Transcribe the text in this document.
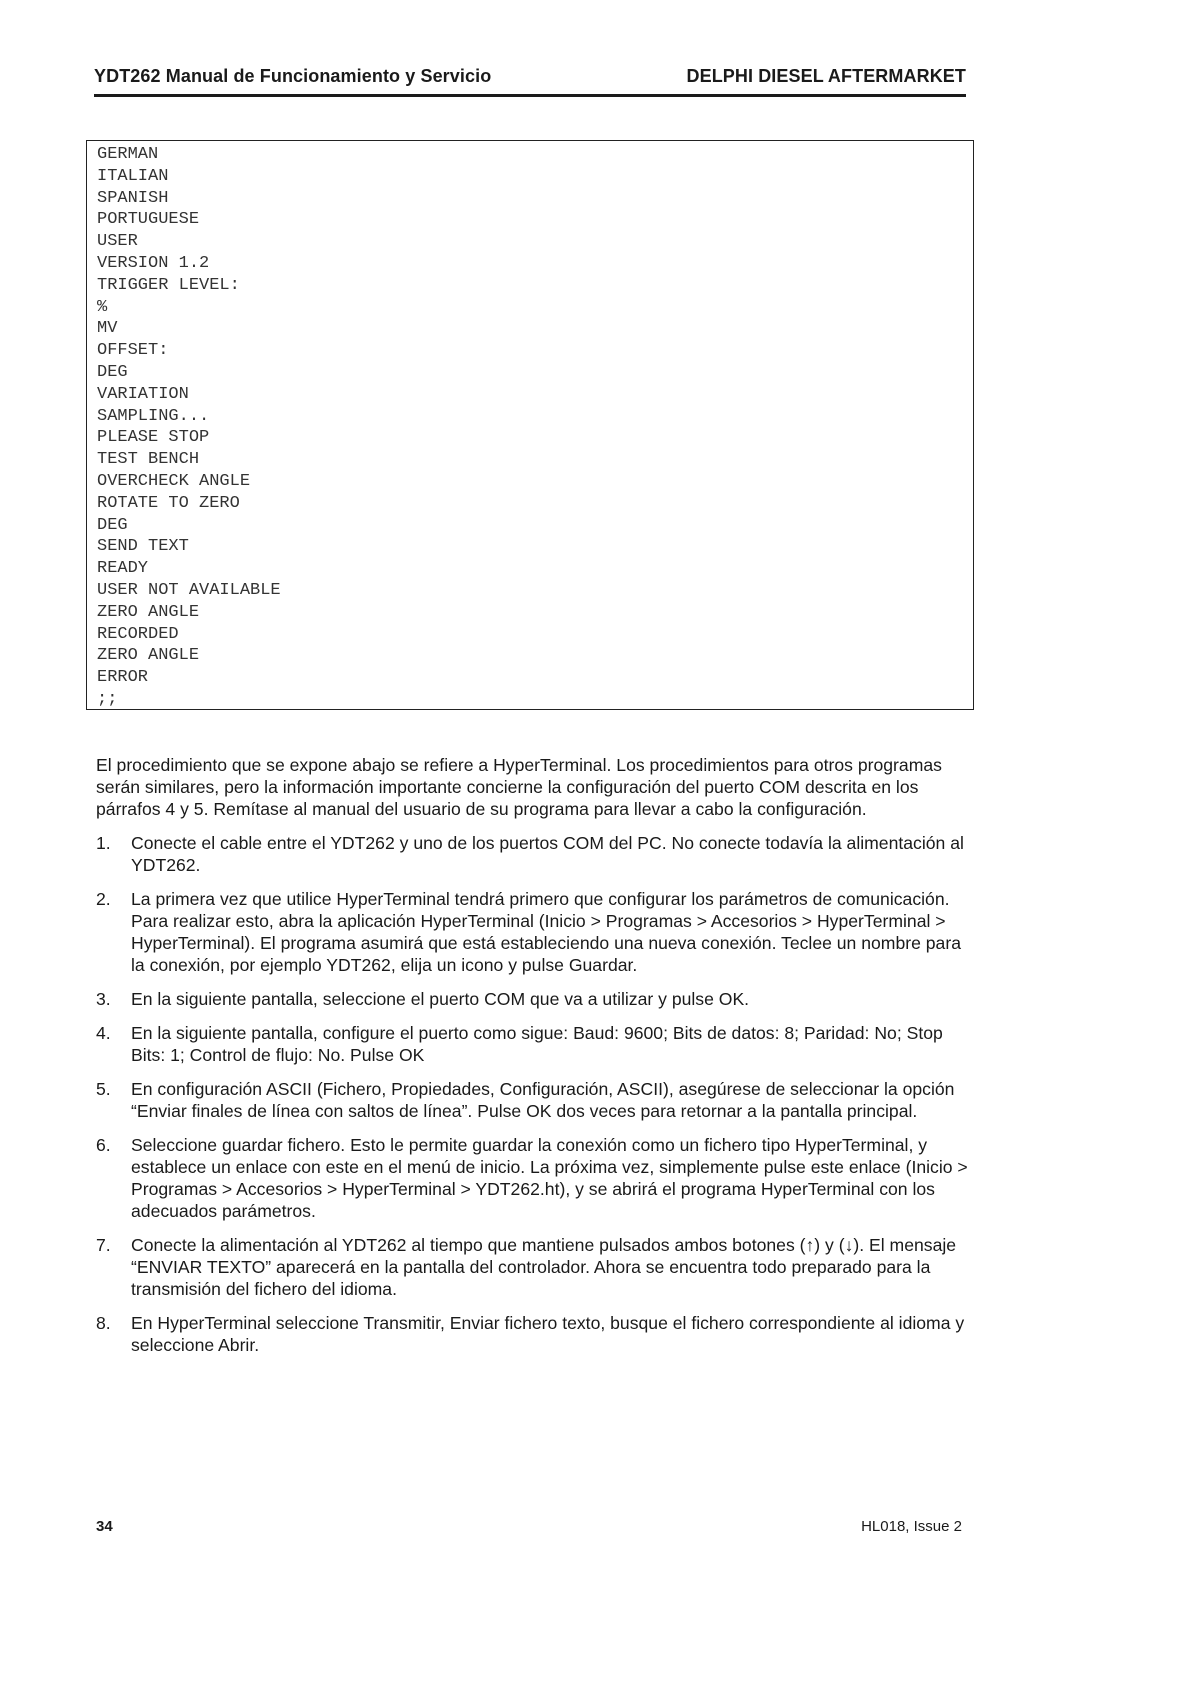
YDT262 Manual de Funcionamiento y Servicio	DELPHI DIESEL AFTERMARKET
GERMAN
ITALIAN
SPANISH
PORTUGUESE
USER
VERSION 1.2
TRIGGER LEVEL:
%
MV
OFFSET:
DEG
VARIATION
SAMPLING...
PLEASE STOP
TEST BENCH
OVERCHECK ANGLE
ROTATE TO ZERO
DEG
SEND TEXT
READY
USER NOT AVAILABLE
ZERO ANGLE
RECORDED
ZERO ANGLE
ERROR
;;

El procedimiento que se expone abajo se refiere a HyperTerminal. Los procedimientos para otros programas serán similares, pero la información importante concierne la configuración del puerto COM descrita en los párrafos 4 y 5. Remítase al manual del usuario de su programa para llevar a cabo la configuración.

1.	Conecte el cable entre el YDT262 y uno de los puertos COM del PC. No conecte todavía la alimentación al YDT262.
2.	La primera vez que utilice HyperTerminal tendrá primero que configurar los parámetros de comunicación. Para realizar esto, abra la aplicación HyperTerminal (Inicio > Programas > Accesorios > HyperTerminal > HyperTerminal). El programa asumirá que está estableciendo una nueva conexión. Teclee un nombre para la conexión, por ejemplo YDT262, elija un icono y pulse Guardar.
3.	En la siguiente pantalla, seleccione el puerto COM que va a utilizar y pulse OK.
4.	En la siguiente pantalla, configure el puerto como sigue: Baud: 9600; Bits de datos: 8; Paridad: No; Stop Bits: 1; Control de flujo: No. Pulse OK
5.	En configuración ASCII (Fichero, Propiedades, Configuración, ASCII), asegúrese de seleccionar la opción “Enviar finales de línea con saltos de línea”. Pulse OK dos veces para retornar a la pantalla principal.
6.	Seleccione guardar fichero. Esto le permite guardar la conexión como un fichero tipo HyperTerminal, y establece un enlace con este en el menú de inicio. La próxima vez, simplemente pulse este enlace (Inicio > Programas > Accesorios > HyperTerminal > YDT262.ht), y se abrirá el programa HyperTerminal con los adecuados parámetros.
7.	Conecte la alimentación al YDT262 al tiempo que mantiene pulsados ambos botones (↑) y (↓). El mensaje “ENVIAR TEXTO” aparecerá en la pantalla del controlador. Ahora se encuentra todo preparado para la transmisión del fichero del idioma.
8.	En HyperTerminal seleccione Transmitir, Enviar fichero texto, busque el fichero correspondiente al idioma y seleccione Abrir.
34	HL018, Issue 2
